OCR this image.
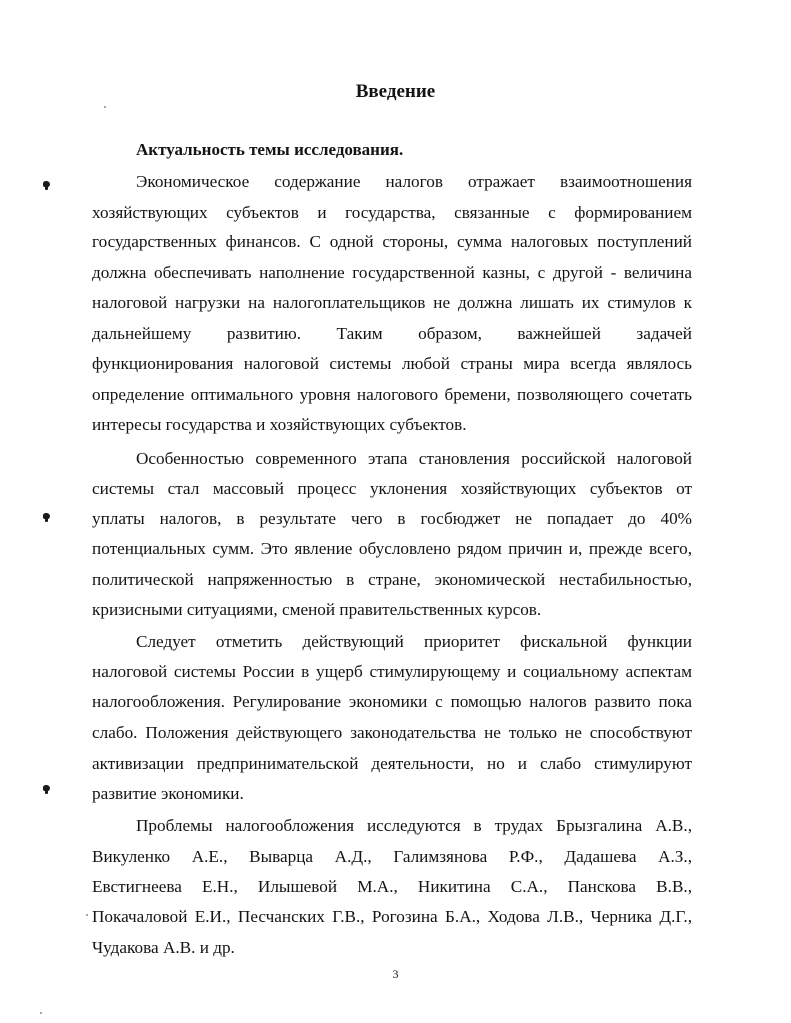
Введение
Актуальность темы исследования.
Экономическое содержание налогов отражает взаимоотношения
хозяйствующих субъектов и государства, связанные с формированием
государственных финансов. С одной стороны, сумма налоговых поступлений
должна обеспечивать наполнение государственной казны, с другой - величина
налоговой нагрузки на налогоплательщиков не должна лишать их стимулов к
дальнейшему развитию. Таким образом, важнейшей задачей
функционирования налоговой системы любой страны мира всегда являлось
определение оптимального уровня налогового бремени, позволяющего сочетать
интересы государства и хозяйствующих субъектов.
Особенностью современного этапа становления российской налоговой
системы стал массовый процесс уклонения хозяйствующих субъектов от
уплаты налогов, в результате чего в госбюджет не попадает до 40%
потенциальных сумм. Это явление обусловлено рядом причин и, прежде всего,
политической напряженностью в стране, экономической нестабильностью,
кризисными ситуациями, сменой правительственных курсов.
Следует отметить действующий приоритет фискальной функции
налоговой системы России в ущерб стимулирующему и социальному аспектам
налогообложения. Регулирование экономики с помощью налогов развито пока
слабо. Положения действующего законодательства не только не способствуют
активизации предпринимательской деятельности, но и слабо стимулируют
развитие экономики.
Проблемы налогообложения исследуются в трудах Брызгалина А.В.,
Викуленко А.Е., Выварца А.Д., Галимзянова Р.Ф., Дадашева А.З.,
Евстигнеева Е.Н., Илышевой М.А., Никитина С.А., Панскова В.В.,
Покачаловой Е.И., Песчанских Г.В., Рогозина Б.А., Ходова Л.В., Черника Д.Г.,
Чудакова А.В. и др.
3
